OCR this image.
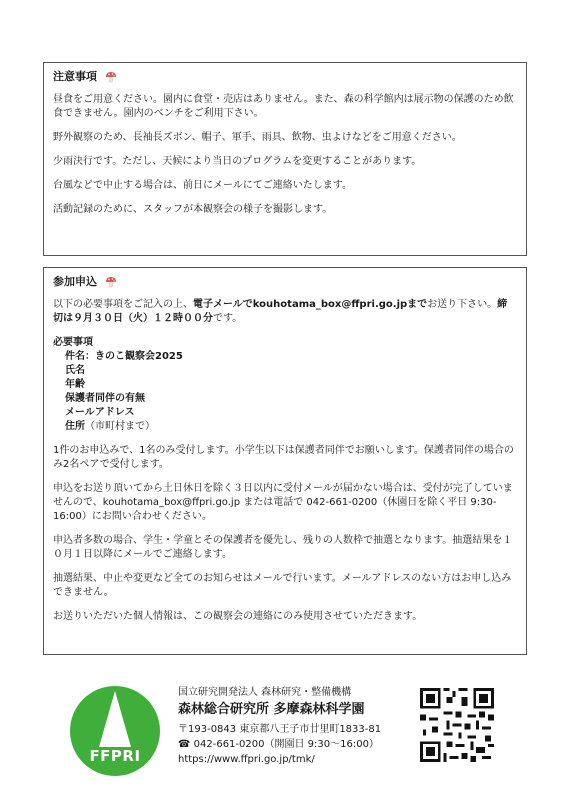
注意事項
昼食をご用意ください。園内に食堂・売店はありません。また、森の科学館内は展示物の保護のため飲食できません。園内のベンチをご利用下さい。
野外観察のため、長袖長ズボン、帽子、軍手、雨具、飲物、虫よけなどをご用意ください。
少雨決行です。ただし、天候により当日のプログラムを変更することがあります。
台風などで中止する場合は、前日にメールにてご連絡いたします。
活動記録のために、スタッフが本観察会の様子を撮影します。
参加申込
以下の必要事項をご記入の上、電子メールでkouhotama_box@ffpri.go.jpまでお送り下さい。締切は９月３０日（火）１２時００分です。
必要事項
件名：きのこ観察会2025
氏名
年齢
保護者同伴の有無
メールアドレス
住所（市町村まで）
1件のお申込みで、1名のみ受付します。小学生以下は保護者同伴でお願いします。保護者同伴の場合のみ2名ペアで受付します。
申込をお送り頂いてから土日休日を除く３日以内に受付メールが届かない場合は、受付が完了していませんので、kouhotama_box@ffpri.go.jp または電話で 042-661-0200（休園日を除く平日 9:30-16:00）にお問い合わせください。
申込者多数の場合、学生・学童とその保護者を優先し、残りの人数枠で抽選となります。抽選結果を１０月１日以降にメールでご連絡します。
抽選結果、中止や変更など全てのお知らせはメールで行います。メールアドレスのない方はお申し込みできません。
お送りいただいた個人情報は、この観察会の連絡にのみ使用させていただきます。
FFPRI
国立研究開発法人 森林研究・整備機構
森林総合研究所 多摩森林科学園
〒193-0843 東京都八王子市廿里町1833-81
☎ 042-661-0200（開園日 9:30～16:00）
https://www.ffpri.go.jp/tmk/
